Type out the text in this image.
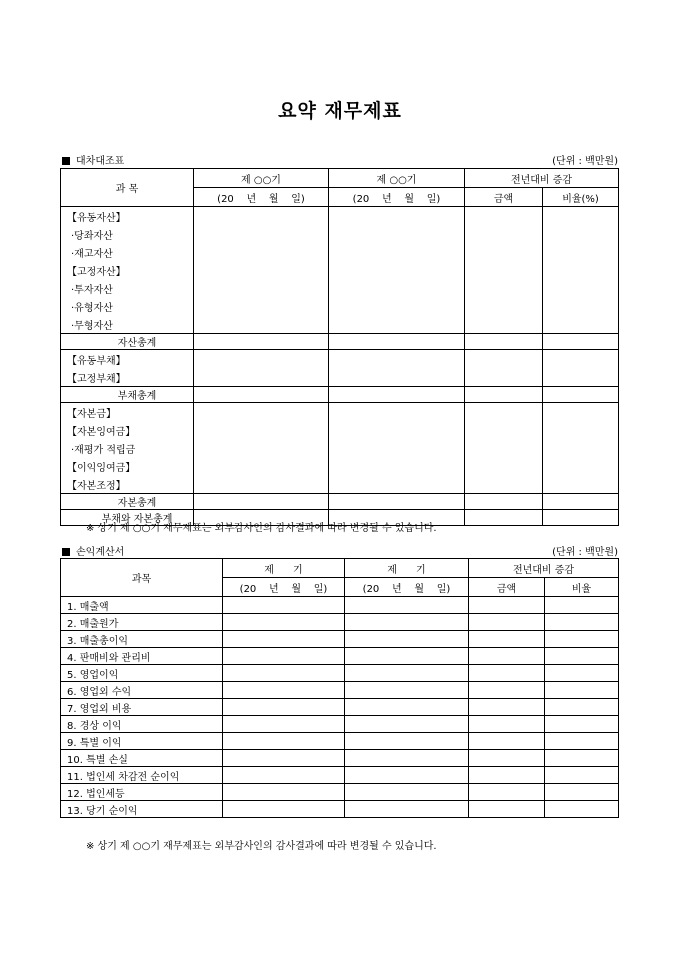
요약 재무제표
대차대조표	(단위 : 백만원)
과 목	제 ○○기	제 ○○기	전년대비 증감	
	(20    년    월    일)	(20    년    월    일)	금액	비율(%)
【유동자산】				
·당좌자산				
·재고자산				
【고정자산】				
·투자자산				
·유형자산				
·무형자산				
자산총계				
【유동부채】				
【고정부채】				
부채총계				
【자본금】				
【자본잉여금】				
·재평가 적립금				
【이익잉여금】				
【자본조정】				
자본총계				
부채와 자본총계				
※ 상기 제 ○○기 재무제표는 외부감사인의 감사결과에 따라 변경될 수 있습니다.
손익계산서	(단위 : 백만원)
과목	제      기	제      기	전년대비 증감	
	(20    년    월    일)	(20    년    월    일)	금액	비율
1. 매출액				
2. 매출원가				
3. 매출총이익				
4. 판매비와 관리비				
5. 영업이익				
6. 영업외 수익				
7. 영업외 비용				
8. 경상 이익				
9. 특별 이익				
10. 특별 손실				
11. 법인세 차감전 순이익				
12. 법인세등				
13. 당기 순이익				
※ 상기 제 ○○기 재무제표는 외부감사인의 감사결과에 따라 변경될 수 있습니다.
